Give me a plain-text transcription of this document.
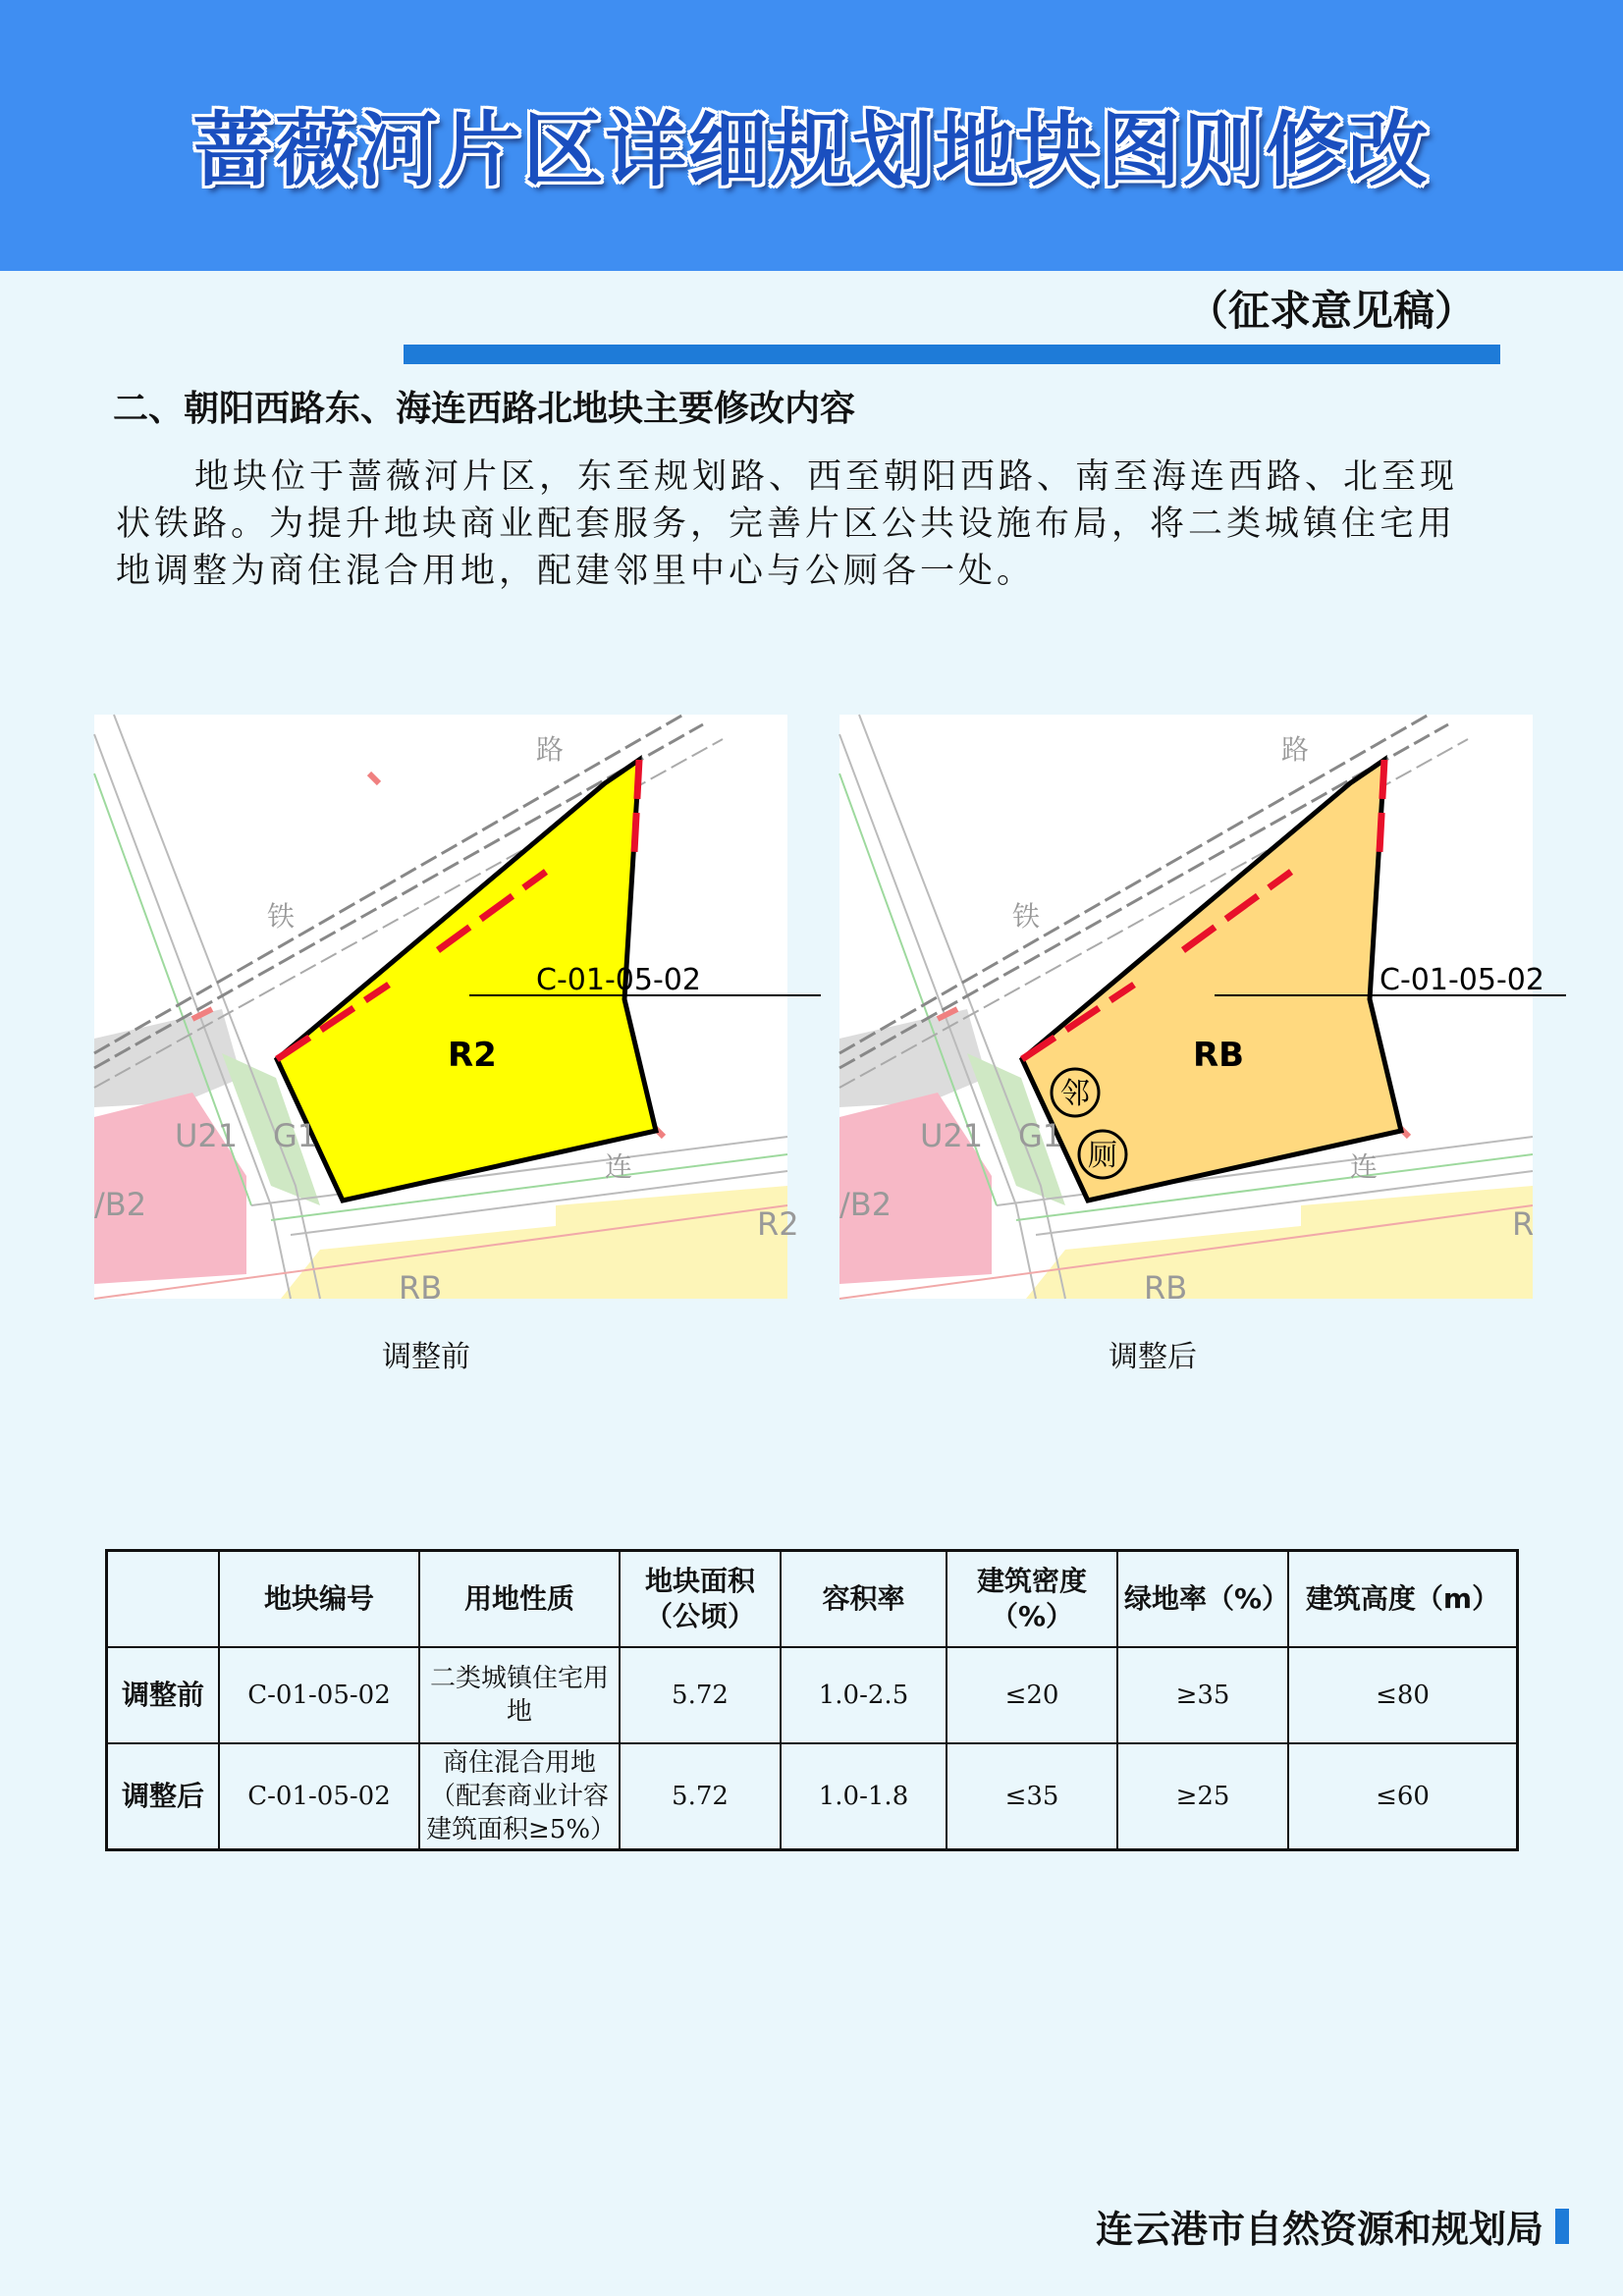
蔷薇河片区详细规划地块图则修改
（征求意见稿）
二、朝阳西路东、海连西路北地块主要修改内容
地块位于蔷薇河片区，东至规划路、西至朝阳西路、南至海连西路、北至现状铁路。为提升地块商业配套服务，完善片区公共设施布局，将二类城镇住宅用地调整为商住混合用地，配建邻里中心与公厕各一处。
C-01-05-02
R2
路
铁
连
U21 G1
/B2
R2
RB
C-01-05-02
RB
邻
厕
路
铁
连
U21 G1
/B2
R
RB
调整前	调整后
	地块编号	用地性质	地块面积（公顷）	容积率	建筑密度（%）	绿地率（%）	建筑高度（m）
调整前	C-01-05-02	二类城镇住宅用地	5.72	1.0-2.5	≤20	≥35	≤80
调整后	C-01-05-02	商住混合用地（配套商业计容建筑面积≥5%）	5.72	1.0-1.8	≤35	≥25	≤60
连云港市自然资源和规划局
